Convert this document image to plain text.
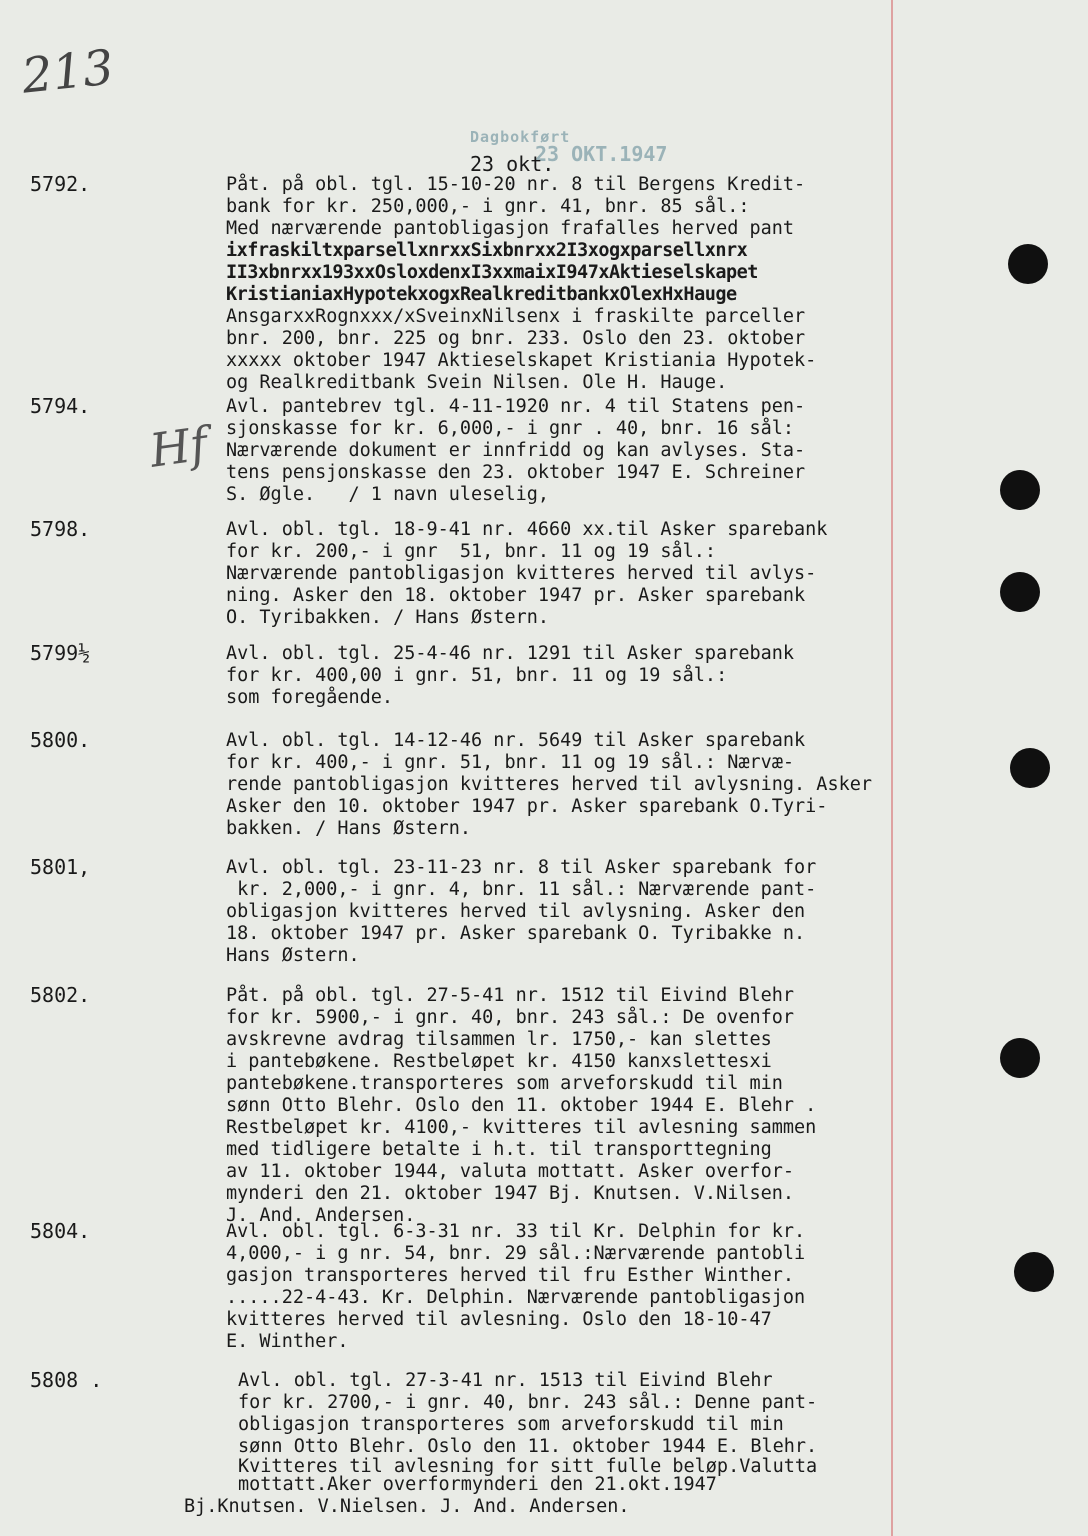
213
Dagbokført
23 OKT.1947
23 okt.
Hf
5792.	Påt. på obl. tgl. 15-10-20 nr. 8 til Bergens Kredit-
bank for kr. 250,000,- i gnr. 41, bnr. 85 sål.:
Med nærværende pantobligasjon frafalles herved pant
ixfraskiltxparsellxnrxxSixbnrxx2I3xogxparsellxnrx
II3xbnrxx193xxOsloxdenxI3xxmaixI947xAktieselskapet
KristianiaxHypotekxogxRealkreditbankxOlexHxHauge
AnsgarxxRognxxx/xSveinxNilsenx i fraskilte parceller
bnr. 200, bnr. 225 og bnr. 233. Oslo den 23. oktober
xxxxx oktober 1947 Aktieselskapet Kristiania Hypotek-
og Realkreditbank Svein Nilsen. Ole H. Hauge.
5794.	Avl. pantebrev tgl. 4-11-1920 nr. 4 til Statens pen-
sjonskasse for kr. 6,000,- i gnr . 40, bnr. 16 sål:
Nærværende dokument er innfridd og kan avlyses. Sta-
tens pensjonskasse den 23. oktober 1947 E. Schreiner
S. Øgle.   / 1 navn uleselig,
5798.	Avl. obl. tgl. 18-9-41 nr. 4660 xx.til Asker sparebank
for kr. 200,- i gnr  51, bnr. 11 og 19 sål.:
Nærværende pantobligasjon kvitteres herved til avlys-
ning. Asker den 18. oktober 1947 pr. Asker sparebank
O. Tyribakken. / Hans Østern.
5799½	Avl. obl. tgl. 25-4-46 nr. 1291 til Asker sparebank
for kr. 400,00 i gnr. 51, bnr. 11 og 19 sål.:
som foregående.
5800.	Avl. obl. tgl. 14-12-46 nr. 5649 til Asker sparebank
for kr. 400,- i gnr. 51, bnr. 11 og 19 sål.: Nærvæ-
rende pantobligasjon kvitteres herved til avlysning. Asker
Asker den 10. oktober 1947 pr. Asker sparebank O.Tyri-
bakken. / Hans Østern.
5801,	Avl. obl. tgl. 23-11-23 nr. 8 til Asker sparebank for
kr. 2,000,- i gnr. 4, bnr. 11 sål.: Nærværende pant-
obligasjon kvitteres herved til avlysning. Asker den
18. oktober 1947 pr. Asker sparebank O. Tyribakke n.
Hans Østern.
5802.	Påt. på obl. tgl. 27-5-41 nr. 1512 til Eivind Blehr
for kr. 5900,- i gnr. 40, bnr. 243 sål.: De ovenfor
avskrevne avdrag tilsammen lr. 1750,- kan slettes
i pantebøkene. Restbeløpet kr. 4150 kanxslettesxi
pantebøkene.transporteres som arveforskudd til min
sønn Otto Blehr. Oslo den 11. oktober 1944 E. Blehr .
Restbeløpet kr. 4100,- kvitteres til avlesning sammen
med tidligere betalte i h.t. til transporttegning
av 11. oktober 1944, valuta mottatt. Asker overfor-
mynderi den 21. oktober 1947 Bj. Knutsen. V.Nilsen.
J. And. Andersen.
5804.	Avl. obl. tgl. 6-3-31 nr. 33 til Kr. Delphin for kr.
4,000,- i g nr. 54, bnr. 29 sål.:Nærværende pantobli
gasjon transporteres herved til fru Esther Winther.
.....22-4-43. Kr. Delphin. Nærværende pantobligasjon
kvitteres herved til avlesning. Oslo den 18-10-47
E. Winther.
5808 .	Avl. obl. tgl. 27-3-41 nr. 1513 til Eivind Blehr
for kr. 2700,- i gnr. 40, bnr. 243 sål.: Denne pant-
obligasjon transporteres som arveforskudd til min
sønn Otto Blehr. Oslo den 11. oktober 1944 E. Blehr.
Kvitteres til avlesning for sitt fulle beløp.Valutta
mottatt.Aker overformynderi den 21.okt.1947
Bj.Knutsen. V.Nielsen. J. And. Andersen.
